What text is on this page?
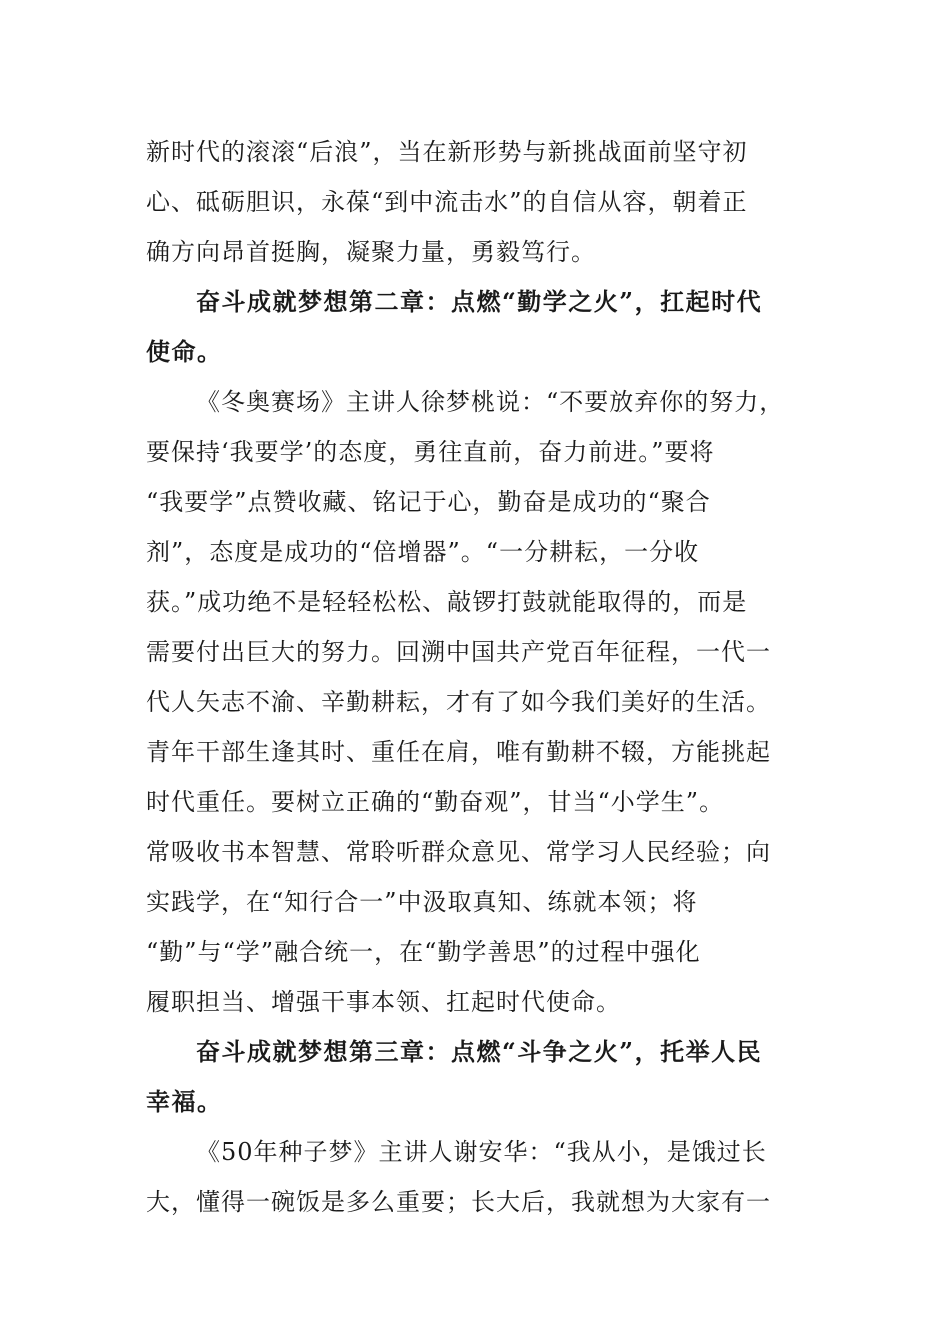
新时代的滚滚“后浪”，当在新形势与新挑战面前坚守初
心、砥砺胆识，永葆“到中流击水”的自信从容，朝着正
确方向昂首挺胸，凝聚力量，勇毅笃行。
奋斗成就梦想第二章：点燃“勤学之火”，扛起时代
使命。
《冬奥赛场》主讲人徐梦桃说：“不要放弃你的努力，
要保持‘我要学’的态度，勇往直前，奋力前进。”要将
“我要学”点赞收藏、铭记于心，勤奋是成功的“聚合
剂”，态度是成功的“倍增器”。“一分耕耘，一分收
获。”成功绝不是轻轻松松、敲锣打鼓就能取得的，而是
需要付出巨大的努力。回溯中国共产党百年征程，一代一
代人矢志不渝、辛勤耕耘，才有了如今我们美好的生活。
青年干部生逢其时、重任在肩，唯有勤耕不辍，方能挑起
时代重任。要树立正确的“勤奋观”，甘当“小学生”。
常吸收书本智慧、常聆听群众意见、常学习人民经验；向
实践学，在“知行合一”中汲取真知、练就本领；将
“勤”与“学”融合统一，在“勤学善思”的过程中强化
履职担当、增强干事本领、扛起时代使命。
奋斗成就梦想第三章：点燃“斗争之火”，托举人民
幸福。
《50年种子梦》主讲人谢安华：“我从小，是饿过长
大，懂得一碗饭是多么重要；长大后，我就想为大家有一
